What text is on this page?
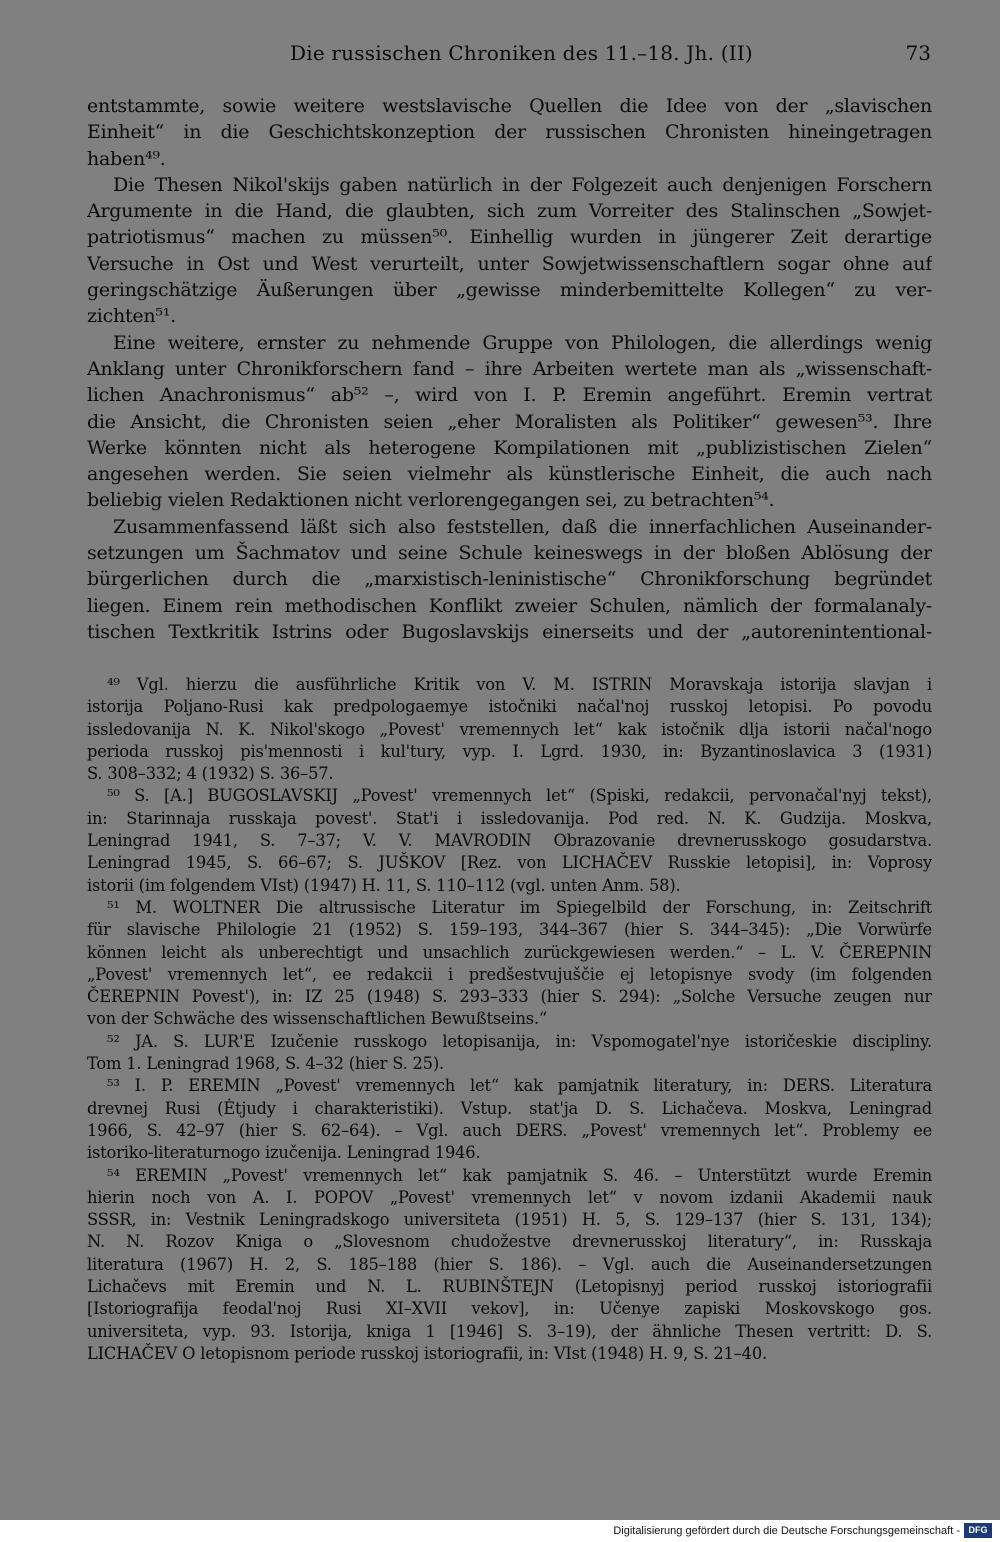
Die russischen Chroniken des 11.–18. Jh. (II)	73
entstammte, sowie weitere westslavische Quellen die Idee von der „slavischen
Einheit“ in die Geschichtskonzeption der russischen Chronisten hineingetragen
haben⁴⁹.
Die Thesen Nikol'skijs gaben natürlich in der Folgezeit auch denjenigen Forschern
Argumente in die Hand, die glaubten, sich zum Vorreiter des Stalinschen „Sowjet-
patriotismus“ machen zu müssen⁵⁰. Einhellig wurden in jüngerer Zeit derartige
Versuche in Ost und West verurteilt, unter Sowjetwissenschaftlern sogar ohne auf
geringschätzige Äußerungen über „gewisse minderbemittelte Kollegen“ zu ver-
zichten⁵¹.
Eine weitere, ernster zu nehmende Gruppe von Philologen, die allerdings wenig
Anklang unter Chronikforschern fand – ihre Arbeiten wertete man als „wissenschaft-
lichen Anachronismus“ ab⁵² –, wird von I. P. Eremin angeführt. Eremin vertrat
die Ansicht, die Chronisten seien „eher Moralisten als Politiker“ gewesen⁵³. Ihre
Werke könnten nicht als heterogene Kompilationen mit „publizistischen Zielen“
angesehen werden. Sie seien vielmehr als künstlerische Einheit, die auch nach
beliebig vielen Redaktionen nicht verlorengegangen sei, zu betrachten⁵⁴.
Zusammenfassend läßt sich also feststellen, daß die innerfachlichen Auseinander-
setzungen um Šachmatov und seine Schule keineswegs in der bloßen Ablösung der
bürgerlichen durch die „marxistisch-leninistische“ Chronikforschung begründet
liegen. Einem rein methodischen Konflikt zweier Schulen, nämlich der formalanaly-
tischen Textkritik Istrins oder Bugoslavskijs einerseits und der „autorenintentional-
⁴⁹ Vgl. hierzu die ausführliche Kritik von V. M. ISTRIN Moravskaja istorija slavjan i
istorija Poljano-Rusi kak predpologaemye istočniki načal'noj russkoj letopisi. Po povodu
issledovanija N. K. Nikol'skogo „Povest' vremennych let“ kak istočnik dlja istorii načal'nogo
perioda russkoj pis'mennosti i kul'tury, vyp. I. Lgrd. 1930, in: Byzantinoslavica 3 (1931)
S. 308–332; 4 (1932) S. 36–57.
⁵⁰ S. [A.] BUGOSLAVSKIJ „Povest' vremennych let“ (Spiski, redakcii, pervonačal'nyj tekst),
in: Starinnaja russkaja povest'. Stat'i i issledovanija. Pod red. N. K. Gudzija. Moskva,
Leningrad 1941, S. 7–37; V. V. MAVRODIN Obrazovanie drevnerusskogo gosudarstva.
Leningrad 1945, S. 66–67; S. JUŠKOV [Rez. von LICHAČEV Russkie letopisi], in: Voprosy
istorii (im folgendem VIst) (1947) H. 11, S. 110–112 (vgl. unten Anm. 58).
⁵¹ M. WOLTNER Die altrussische Literatur im Spiegelbild der Forschung, in: Zeitschrift
für slavische Philologie 21 (1952) S. 159–193, 344–367 (hier S. 344–345): „Die Vorwürfe
können leicht als unberechtigt und unsachlich zurückgewiesen werden.“ – L. V. ČEREPNIN
„Povest' vremennych let“, ee redakcii i predšestvujuščie ej letopisnye svody (im folgenden
ČEREPNIN Povest'), in: IZ 25 (1948) S. 293–333 (hier S. 294): „Solche Versuche zeugen nur
von der Schwäche des wissenschaftlichen Bewußtseins.“
⁵² JA. S. LUR'E Izučenie russkogo letopisanija, in: Vspomogatel'nye istoričeskie discipliny.
Tom 1. Leningrad 1968, S. 4–32 (hier S. 25).
⁵³ I. P. EREMIN „Povest' vremennych let“ kak pamjatnik literatury, in: DERS. Literatura
drevnej Rusi (Ėtjudy i charakteristiki). Vstup. stat'ja D. S. Lichačeva. Moskva, Leningrad
1966, S. 42–97 (hier S. 62–64). – Vgl. auch DERS. „Povest' vremennych let“. Problemy ee
istoriko-literaturnogo izučenija. Leningrad 1946.
⁵⁴ EREMIN „Povest' vremennych let“ kak pamjatnik S. 46. – Unterstützt wurde Eremin
hierin noch von A. I. POPOV „Povest' vremennych let“ v novom izdanii Akademii nauk
SSSR, in: Vestnik Leningradskogo universiteta (1951) H. 5, S. 129–137 (hier S. 131, 134);
N. N. Rozov Kniga o „Slovesnom chudožestve drevnerusskoj literatury“, in: Russkaja
literatura (1967) H. 2, S. 185–188 (hier S. 186). – Vgl. auch die Auseinandersetzungen
Lichačevs mit Eremin und N. L. RUBINŠTEJN (Letopisnyj period russkoj istoriografii
[Istoriografija feodal'noj Rusi XI–XVII vekov], in: Učenye zapiski Moskovskogo gos.
universiteta, vyp. 93. Istorija, kniga 1 [1946] S. 3–19), der ähnliche Thesen vertritt: D. S.
LICHAČEV O letopisnom periode russkoj istoriografii, in: VIst (1948) H. 9, S. 21–40.
Digitalisierung gefördert durch die Deutsche Forschungsgemeinschaft - DFG
